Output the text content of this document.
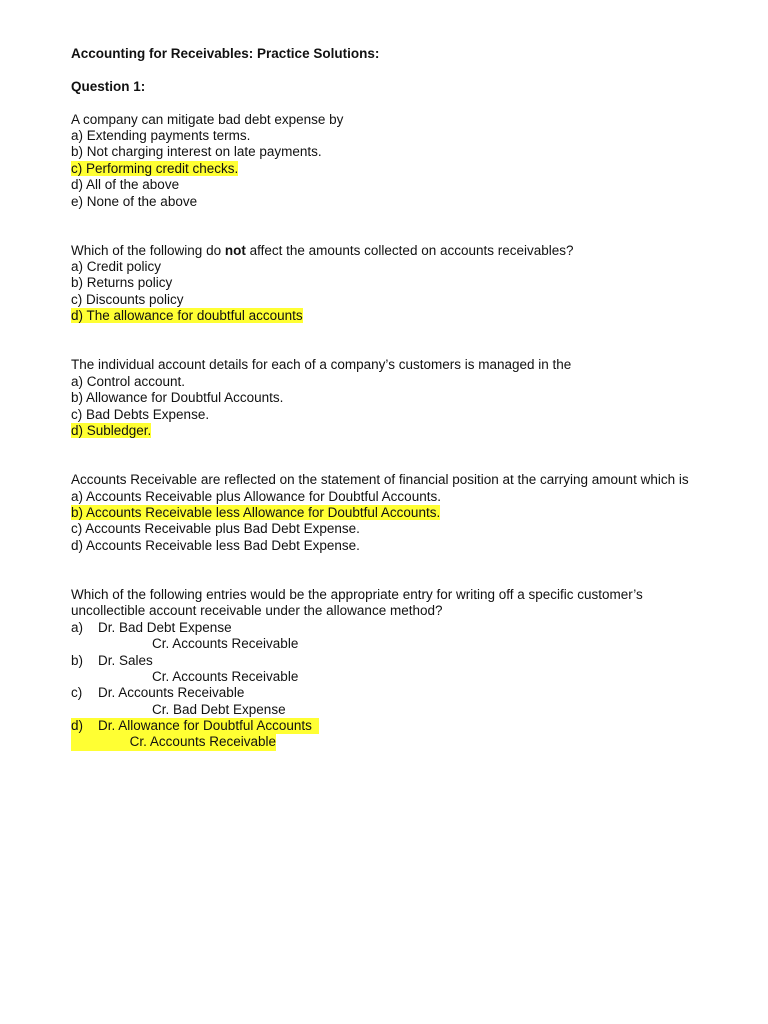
Accounting for Receivables: Practice Solutions:
Question 1:
A company can mitigate bad debt expense by
a) Extending payments terms.
b) Not charging interest on late payments.
c) Performing credit checks.
d) All of the above
e) None of the above
Which of the following do not affect the amounts collected on accounts receivables?
a) Credit policy
b) Returns policy
c) Discounts policy
d) The allowance for doubtful accounts
The individual account details for each of a company’s customers is managed in the
a) Control account.
b) Allowance for Doubtful Accounts.
c) Bad Debts Expense.
d) Subledger.
Accounts Receivable are reflected on the statement of financial position at the carrying amount which is
a) Accounts Receivable plus Allowance for Doubtful Accounts.
b) Accounts Receivable less Allowance for Doubtful Accounts.
c) Accounts Receivable plus Bad Debt Expense.
d) Accounts Receivable less Bad Debt Expense.
Which of the following entries would be the appropriate entry for writing off a specific customer’s
uncollectible account receivable under the allowance method?
a)	Dr. Bad Debt Expense
Cr. Accounts Receivable
b)	Dr. Sales
Cr. Accounts Receivable
c)	Dr. Accounts Receivable
Cr. Bad Debt Expense
d)	Dr. Allowance for Doubtful Accounts
Cr. Accounts Receivable
